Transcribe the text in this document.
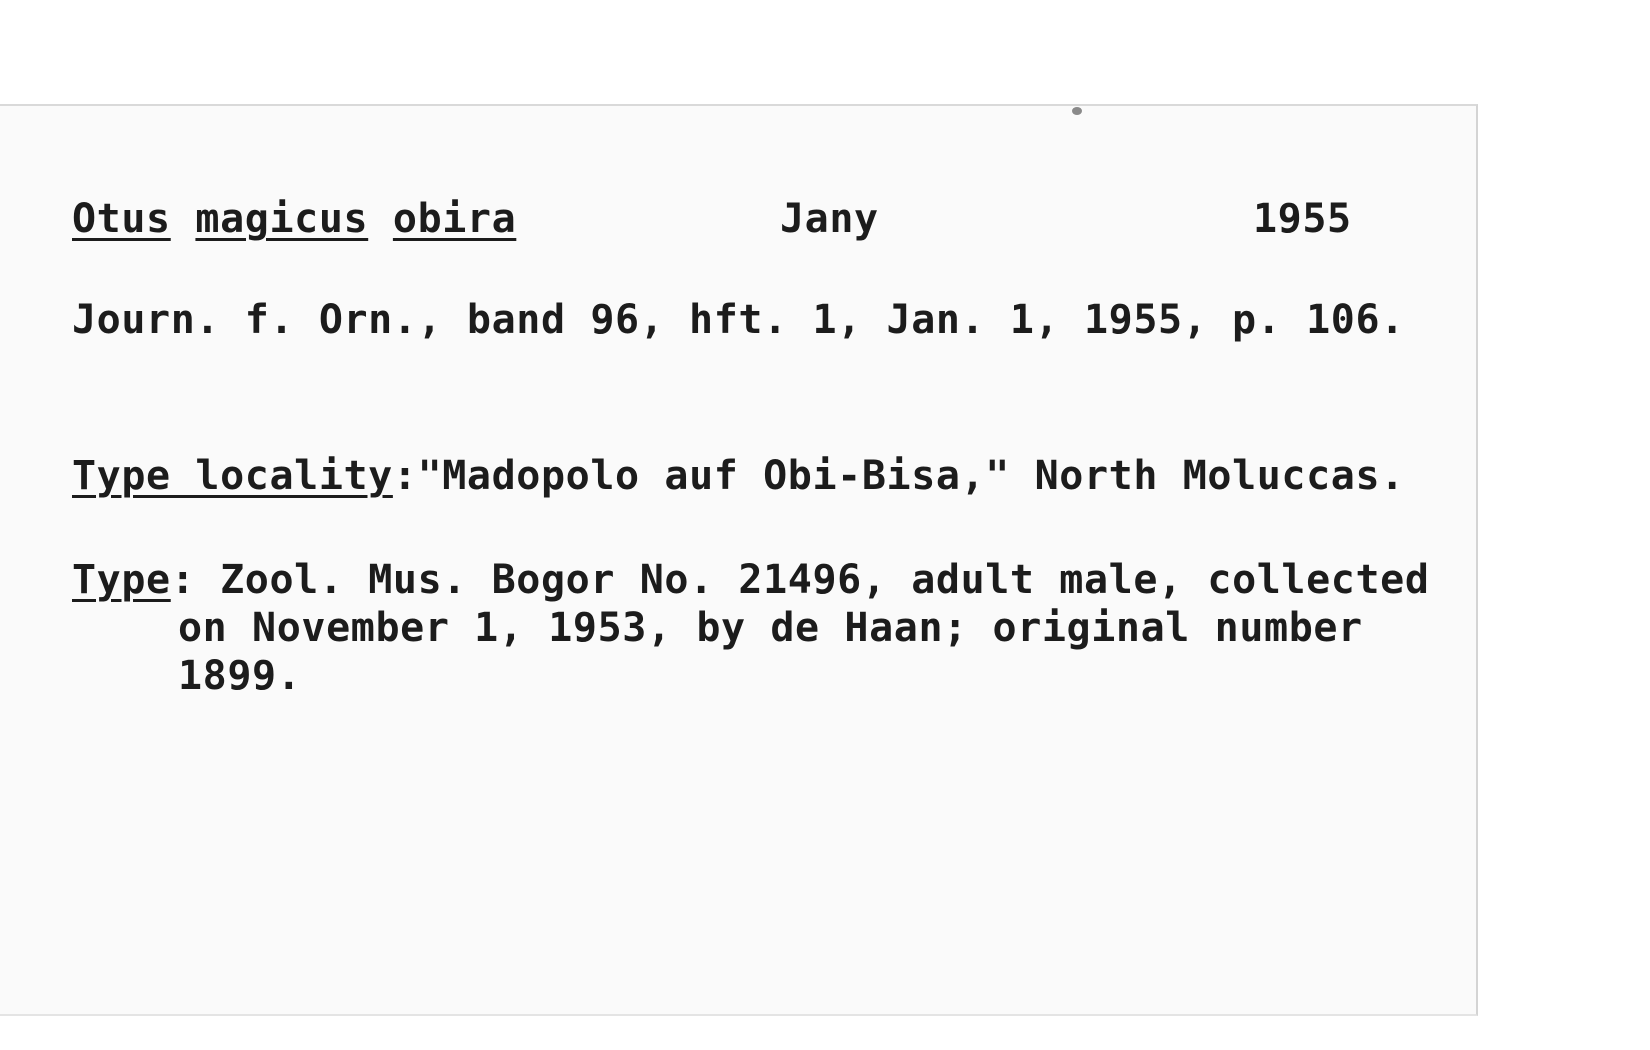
Otus magicus obira	Jany	1955
Journ. f. Orn., band 96, hft. 1, Jan. 1, 1955, p. 106.
Type locality:"Madopolo auf Obi-Bisa," North Moluccas.
Type: Zool. Mus. Bogor No. 21496, adult male, collected
on November 1, 1953, by de Haan; original number
1899.
